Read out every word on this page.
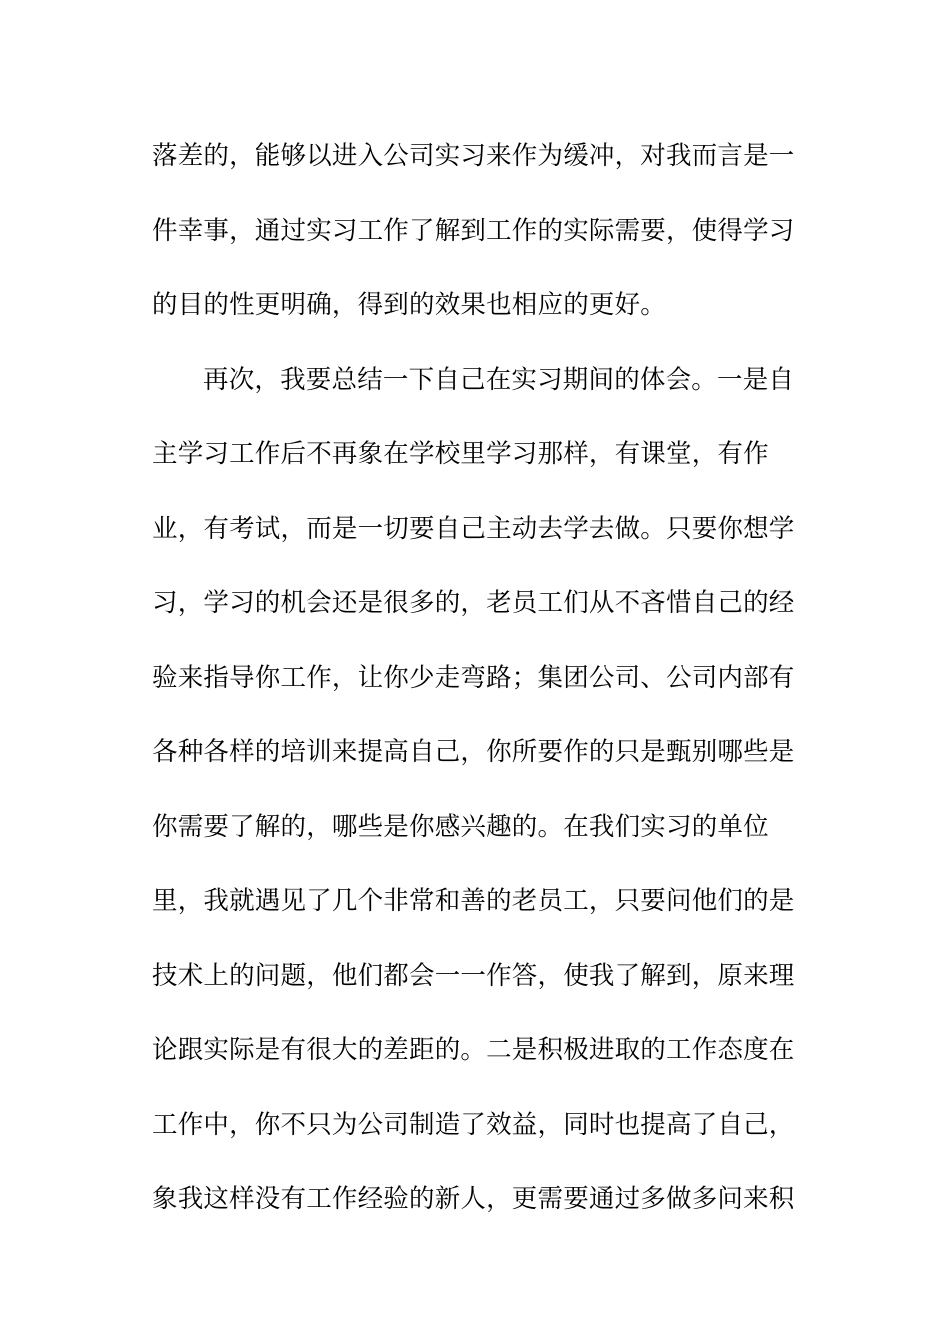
落差的，能够以进入公司实习来作为缓冲，对我而言是一
件幸事，通过实习工作了解到工作的实际需要，使得学习
的目的性更明确，得到的效果也相应的更好。
再次，我要总结一下自己在实习期间的体会。一是自
主学习工作后不再象在学校里学习那样，有课堂，有作
业，有考试，而是一切要自己主动去学去做。只要你想学
习，学习的机会还是很多的，老员工们从不吝惜自己的经
验来指导你工作，让你少走弯路；集团公司、公司内部有
各种各样的培训来提高自己，你所要作的只是甄别哪些是
你需要了解的，哪些是你感兴趣的。在我们实习的单位
里，我就遇见了几个非常和善的老员工，只要问他们的是
技术上的问题，他们都会一一作答，使我了解到，原来理
论跟实际是有很大的差距的。二是积极进取的工作态度在
工作中，你不只为公司制造了效益，同时也提高了自己，
象我这样没有工作经验的新人，更需要通过多做多问来积
